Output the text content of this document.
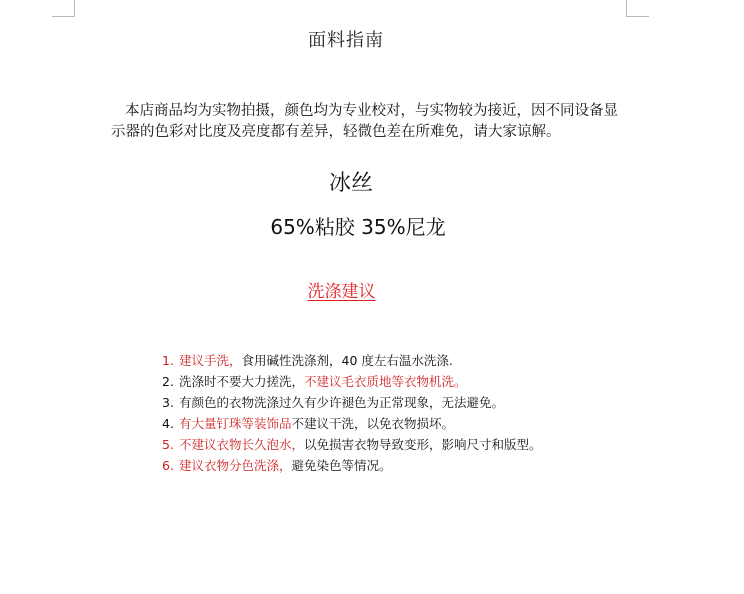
面料指南

本店商品均为实物拍摄，颜色均为专业校对，与实物较为接近，因不同设备显示器的色彩对比度及亮度都有差异，轻微色差在所难免，请大家谅解。

冰丝
65%粘胶 35%尼龙
洗涤建议
1. 建议手洗，食用碱性洗涤剂，40 度左右温水洗涤.
2. 洗涤时不要大力搓洗，不建议毛衣质地等衣物机洗。
3. 有颜色的衣物洗涤过久有少许褪色为正常现象，无法避免。
4. 有大量钉珠等装饰品不建议干洗，以免衣物损坏。
5. 不建议衣物长久泡水，以免损害衣物导致变形，影响尺寸和版型。
6. 建议衣物分色洗涤，避免染色等情况。
